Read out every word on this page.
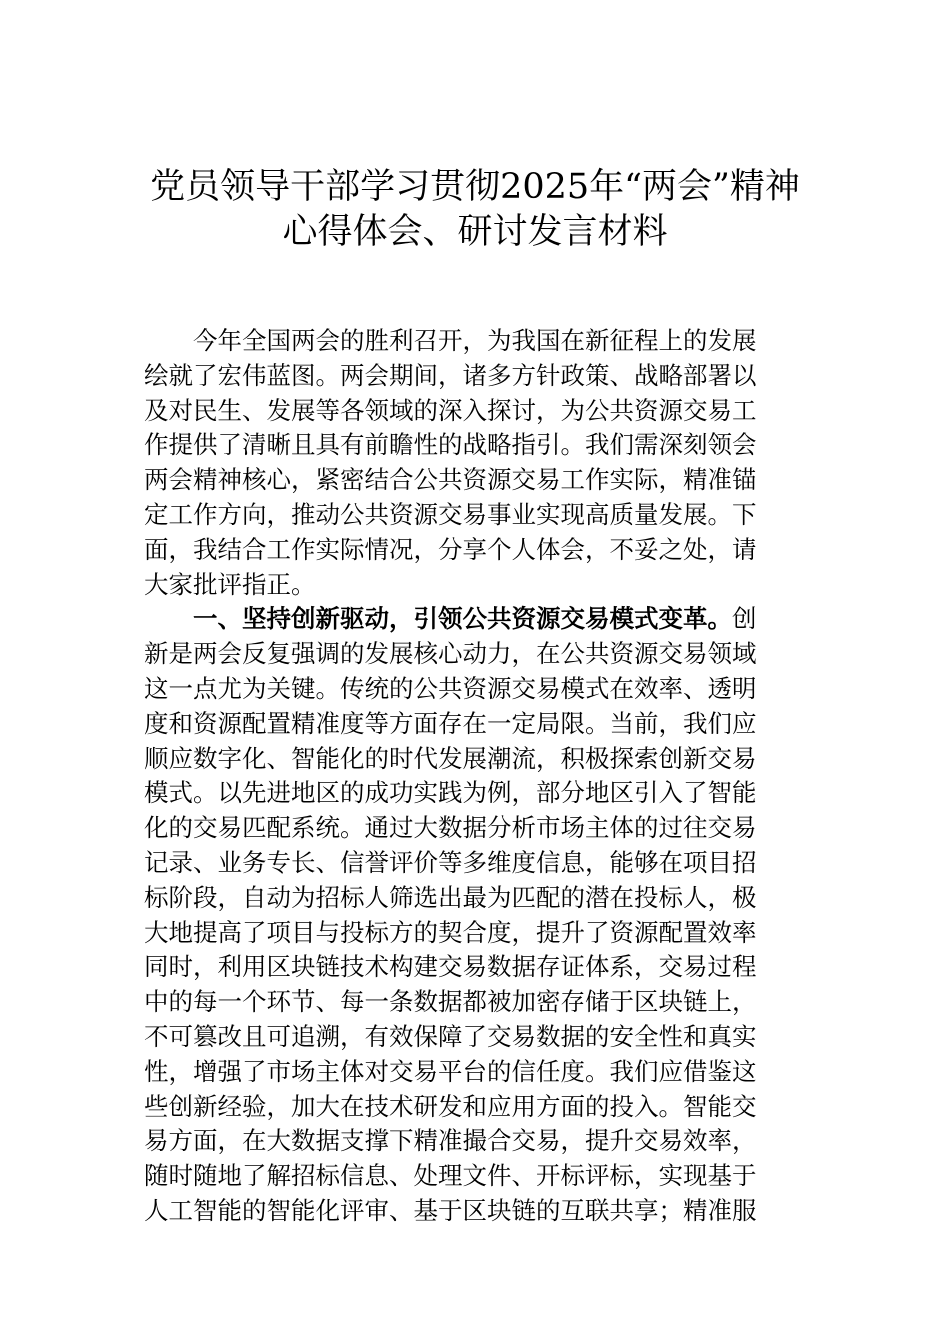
党员领导干部学习贯彻2025年“两会”精神
心得体会、研讨发言材料
今年全国两会的胜利召开，为我国在新征程上的发展
绘就了宏伟蓝图。两会期间，诸多方针政策、战略部署以
及对民生、发展等各领域的深入探讨，为公共资源交易工
作提供了清晰且具有前瞻性的战略指引。我们需深刻领会
两会精神核心，紧密结合公共资源交易工作实际，精准锚
定工作方向，推动公共资源交易事业实现高质量发展。下
面，我结合工作实际情况，分享个人体会，不妥之处，请
大家批评指正。
一、坚持创新驱动，引领公共资源交易模式变革。创
新是两会反复强调的发展核心动力，在公共资源交易领域
这一点尤为关键。传统的公共资源交易模式在效率、透明
度和资源配置精准度等方面存在一定局限。当前，我们应
顺应数字化、智能化的时代发展潮流，积极探索创新交易
模式。以先进地区的成功实践为例，部分地区引入了智能
化的交易匹配系统。通过大数据分析市场主体的过往交易
记录、业务专长、信誉评价等多维度信息，能够在项目招
标阶段，自动为招标人筛选出最为匹配的潜在投标人，极
大地提高了项目与投标方的契合度，提升了资源配置效率
同时，利用区块链技术构建交易数据存证体系，交易过程
中的每一个环节、每一条数据都被加密存储于区块链上，
不可篡改且可追溯，有效保障了交易数据的安全性和真实
性，增强了市场主体对交易平台的信任度。我们应借鉴这
些创新经验，加大在技术研发和应用方面的投入。智能交
易方面，在大数据支撑下精准撮合交易，提升交易效率，
随时随地了解招标信息、处理文件、开标评标，实现基于
人工智能的智能化评审、基于区块链的互联共享；精准服
